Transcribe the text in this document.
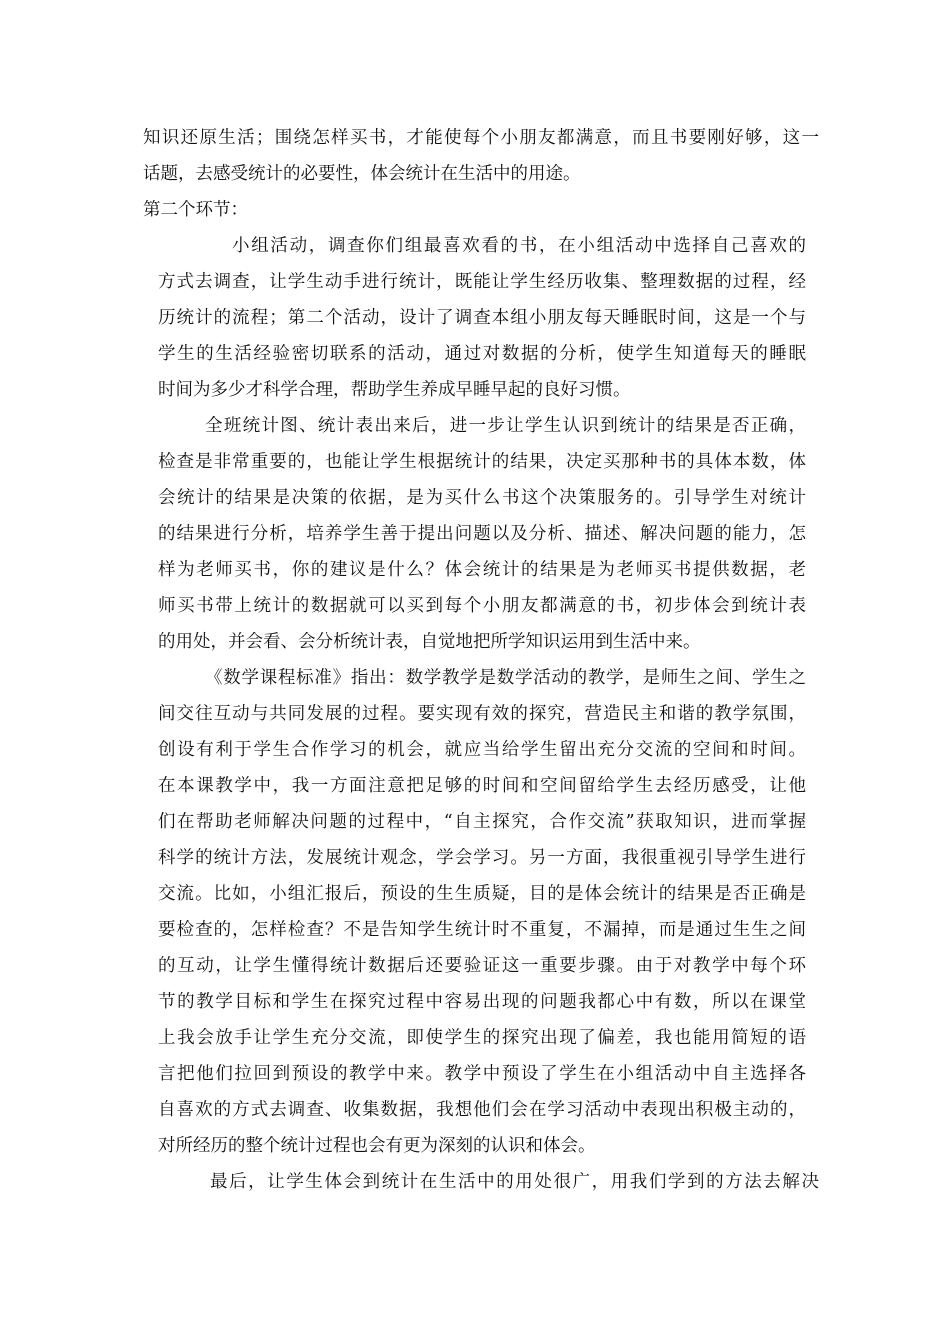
知识还原生活；围绕怎样买书，才能使每个小朋友都满意，而且书要刚好够，这一

话题，去感受统计的必要性，体会统计在生活中的用途。

第二个环节：

小组活动，调查你们组最喜欢看的书，在小组活动中选择自己喜欢的

方式去调查，让学生动手进行统计，既能让学生经历收集、整理数据的过程，经

历统计的流程；第二个活动，设计了调查本组小朋友每天睡眠时间，这是一个与

学生的生活经验密切联系的活动，通过对数据的分析，使学生知道每天的睡眠

时间为多少才科学合理，帮助学生养成早睡早起的良好习惯。

全班统计图、统计表出来后，进一步让学生认识到统计的结果是否正确，

检查是非常重要的，也能让学生根据统计的结果，决定买那种书的具体本数，体

会统计的结果是决策的依据，是为买什么书这个决策服务的。引导学生对统计

的结果进行分析，培养学生善于提出问题以及分析、描述、解决问题的能力，怎

样为老师买书，你的建议是什么？体会统计的结果是为老师买书提供数据，老

师买书带上统计的数据就可以买到每个小朋友都满意的书，初步体会到统计表

的用处，并会看、会分析统计表，自觉地把所学知识运用到生活中来。

《数学课程标准》指出：数学教学是数学活动的教学，是师生之间、学生之

间交往互动与共同发展的过程。要实现有效的探究，营造民主和谐的教学氛围，

创设有利于学生合作学习的机会，就应当给学生留出充分交流的空间和时间。

在本课教学中，我一方面注意把足够的时间和空间留给学生去经历感受，让他

们在帮助老师解决问题的过程中，“自主探究，合作交流”获取知识，进而掌握

科学的统计方法，发展统计观念，学会学习。另一方面，我很重视引导学生进行

交流。比如，小组汇报后，预设的生生质疑，目的是体会统计的结果是否正确是

要检查的，怎样检查？不是告知学生统计时不重复，不漏掉，而是通过生生之间

的互动，让学生懂得统计数据后还要验证这一重要步骤。由于对教学中每个环

节的教学目标和学生在探究过程中容易出现的问题我都心中有数，所以在课堂

上我会放手让学生充分交流，即使学生的探究出现了偏差，我也能用简短的语

言把他们拉回到预设的教学中来。教学中预设了学生在小组活动中自主选择各

自喜欢的方式去调查、收集数据，我想他们会在学习活动中表现出积极主动的，

对所经历的整个统计过程也会有更为深刻的认识和体会。

最后，让学生体会到统计在生活中的用处很广，用我们学到的方法去解决
